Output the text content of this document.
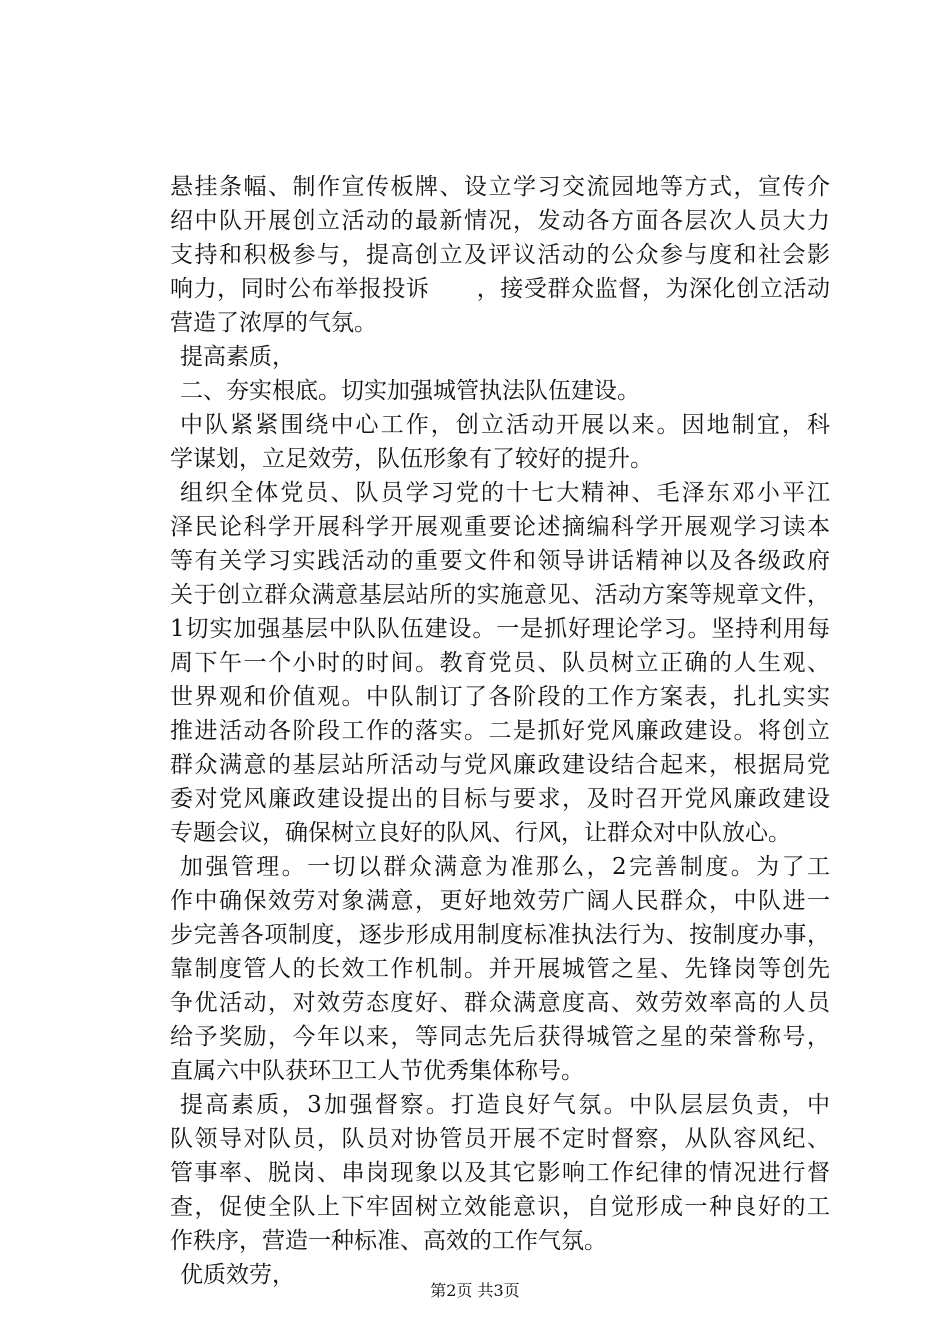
悬挂条幅、制作宣传板牌、设立学习交流园地等方式，宣传介
绍中队开展创立活动的最新情况，发动各方面各层次人员大力
支持和积极参与，提高创立及评议活动的公众参与度和社会影
响力，同时公布举报投诉　　，接受群众监督，为深化创立活动
营造了浓厚的气氛。
提高素质，
二、夯实根底。切实加强城管执法队伍建设。
中队紧紧围绕中心工作，创立活动开展以来。因地制宜，科
学谋划，立足效劳，队伍形象有了较好的提升。
组织全体党员、队员学习党的十七大精神、毛泽东邓小平江
泽民论科学开展科学开展观重要论述摘编科学开展观学习读本
等有关学习实践活动的重要文件和领导讲话精神以及各级政府
关于创立群众满意基层站所的实施意见、活动方案等规章文件，
1切实加强基层中队队伍建设。一是抓好理论学习。坚持利用每
周下午一个小时的时间。教育党员、队员树立正确的人生观、
世界观和价值观。中队制订了各阶段的工作方案表，扎扎实实
推进活动各阶段工作的落实。二是抓好党风廉政建设。将创立
群众满意的基层站所活动与党风廉政建设结合起来，根据局党
委对党风廉政建设提出的目标与要求，及时召开党风廉政建设
专题会议，确保树立良好的队风、行风，让群众对中队放心。
加强管理。一切以群众满意为准那么，2完善制度。为了工
作中确保效劳对象满意，更好地效劳广阔人民群众，中队进一
步完善各项制度，逐步形成用制度标准执法行为、按制度办事，
靠制度管人的长效工作机制。并开展城管之星、先锋岗等创先
争优活动，对效劳态度好、群众满意度高、效劳效率高的人员
给予奖励，今年以来，等同志先后获得城管之星的荣誉称号，
直属六中队获环卫工人节优秀集体称号。
提高素质，3加强督察。打造良好气氛。中队层层负责，中
队领导对队员，队员对协管员开展不定时督察，从队容风纪、
管事率、脱岗、串岗现象以及其它影响工作纪律的情况进行督
查，促使全队上下牢固树立效能意识，自觉形成一种良好的工
作秩序，营造一种标准、高效的工作气氛。
优质效劳，
第2页 共3页
